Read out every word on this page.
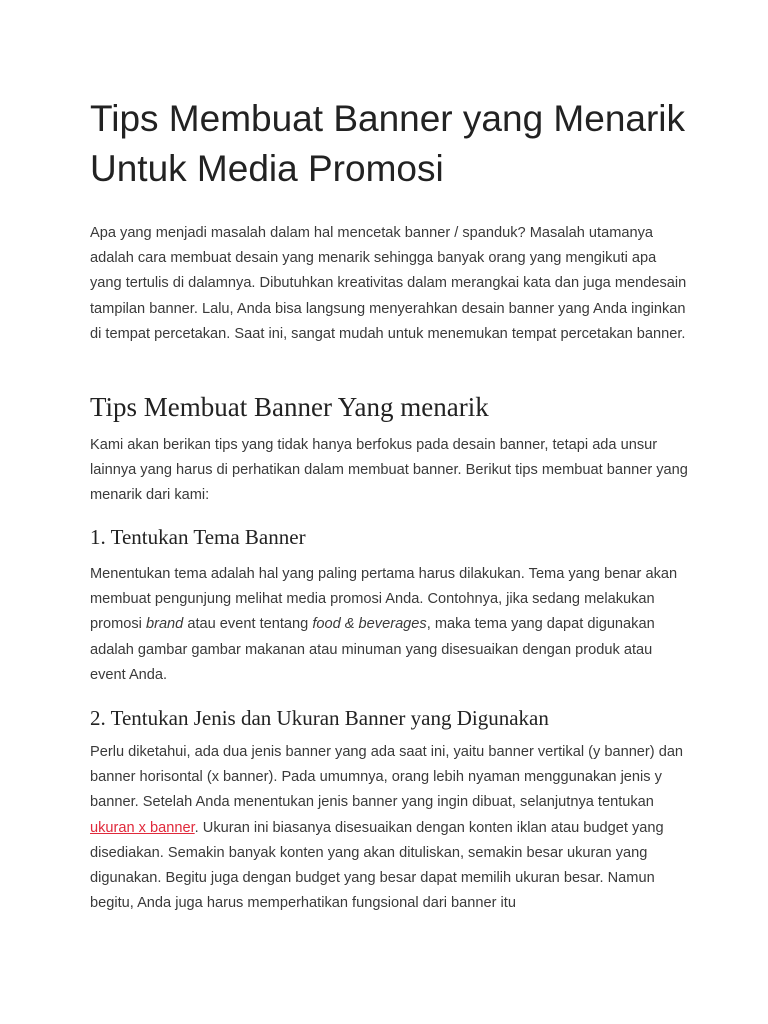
Tips Membuat Banner yang Menarik Untuk Media Promosi

Apa yang menjadi masalah dalam hal mencetak banner / spanduk? Masalah utamanya adalah cara membuat desain yang menarik sehingga banyak orang yang mengikuti apa yang tertulis di dalamnya. Dibutuhkan kreativitas dalam merangkai kata dan juga mendesain tampilan banner. Lalu, Anda bisa langsung menyerahkan desain banner yang Anda inginkan di tempat percetakan. Saat ini, sangat mudah untuk menemukan tempat percetakan banner.

Tips Membuat Banner Yang menarik

Kami akan berikan tips yang tidak hanya berfokus pada desain banner, tetapi ada unsur lainnya yang harus di perhatikan dalam membuat banner. Berikut tips membuat banner yang menarik dari kami:

1. Tentukan Tema Banner

Menentukan tema adalah hal yang paling pertama harus dilakukan. Tema yang benar akan membuat pengunjung melihat media promosi Anda. Contohnya, jika sedang melakukan promosi brand atau event tentang food & beverages, maka tema yang dapat digunakan adalah gambar gambar makanan atau minuman yang disesuaikan dengan produk atau event Anda.

2. Tentukan Jenis dan Ukuran Banner yang Digunakan

Perlu diketahui, ada dua jenis banner yang ada saat ini, yaitu banner vertikal (y banner) dan banner horisontal (x banner). Pada umumnya, orang lebih nyaman menggunakan jenis y banner. Setelah Anda menentukan jenis banner yang ingin dibuat, selanjutnya tentukan ukuran x banner. Ukuran ini biasanya disesuaikan dengan konten iklan atau budget yang disediakan. Semakin banyak konten yang akan dituliskan, semakin besar ukuran yang digunakan. Begitu juga dengan budget yang besar dapat memilih ukuran besar. Namun begitu, Anda juga harus memperhatikan fungsional dari banner itu
